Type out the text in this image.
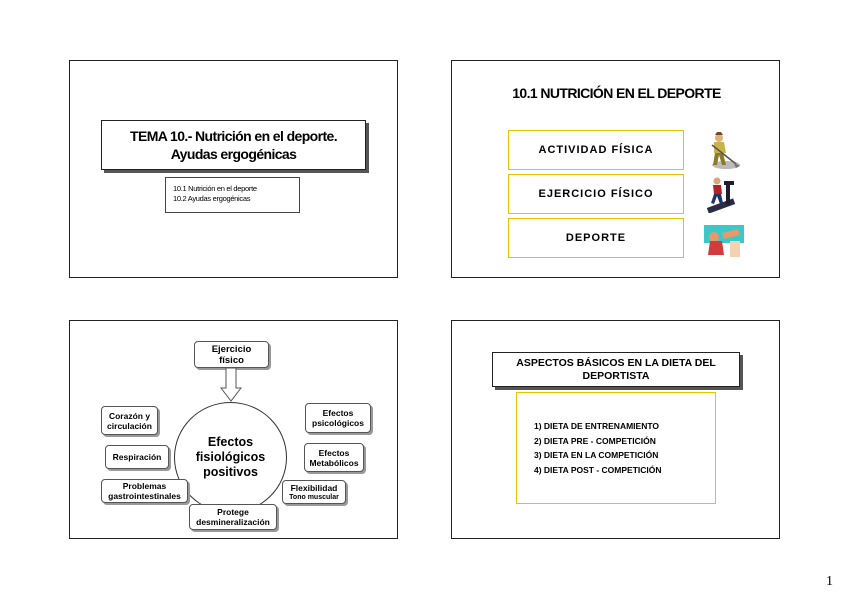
TEMA 10.- Nutrición en el deporte.
Ayudas ergogénicas
10.1 Nutrición en el deporte
10.2 Ayudas ergogénicas
10.1 NUTRICIÓN EN EL DEPORTE
ACTIVIDAD FÍSICA
EJERCICIO FÍSICO
DEPORTE
Ejercicio
físico
Efectos
fisiológicos
positivos
Corazón y
circulación
Respiración
Problemas
gastrointestinales
Protege
desmineralización
Efectos
psicológicos
Efectos
Metabólicos
Flexibilidad
Tono muscular
ASPECTOS BÁSICOS EN LA DIETA DEL
DEPORTISTA
1) DIETA DE ENTRENAMIENTO
2) DIETA PRE - COMPETICIÓN
3) DIETA EN LA COMPETICIÓN
4) DIETA POST - COMPETICIÓN
1
